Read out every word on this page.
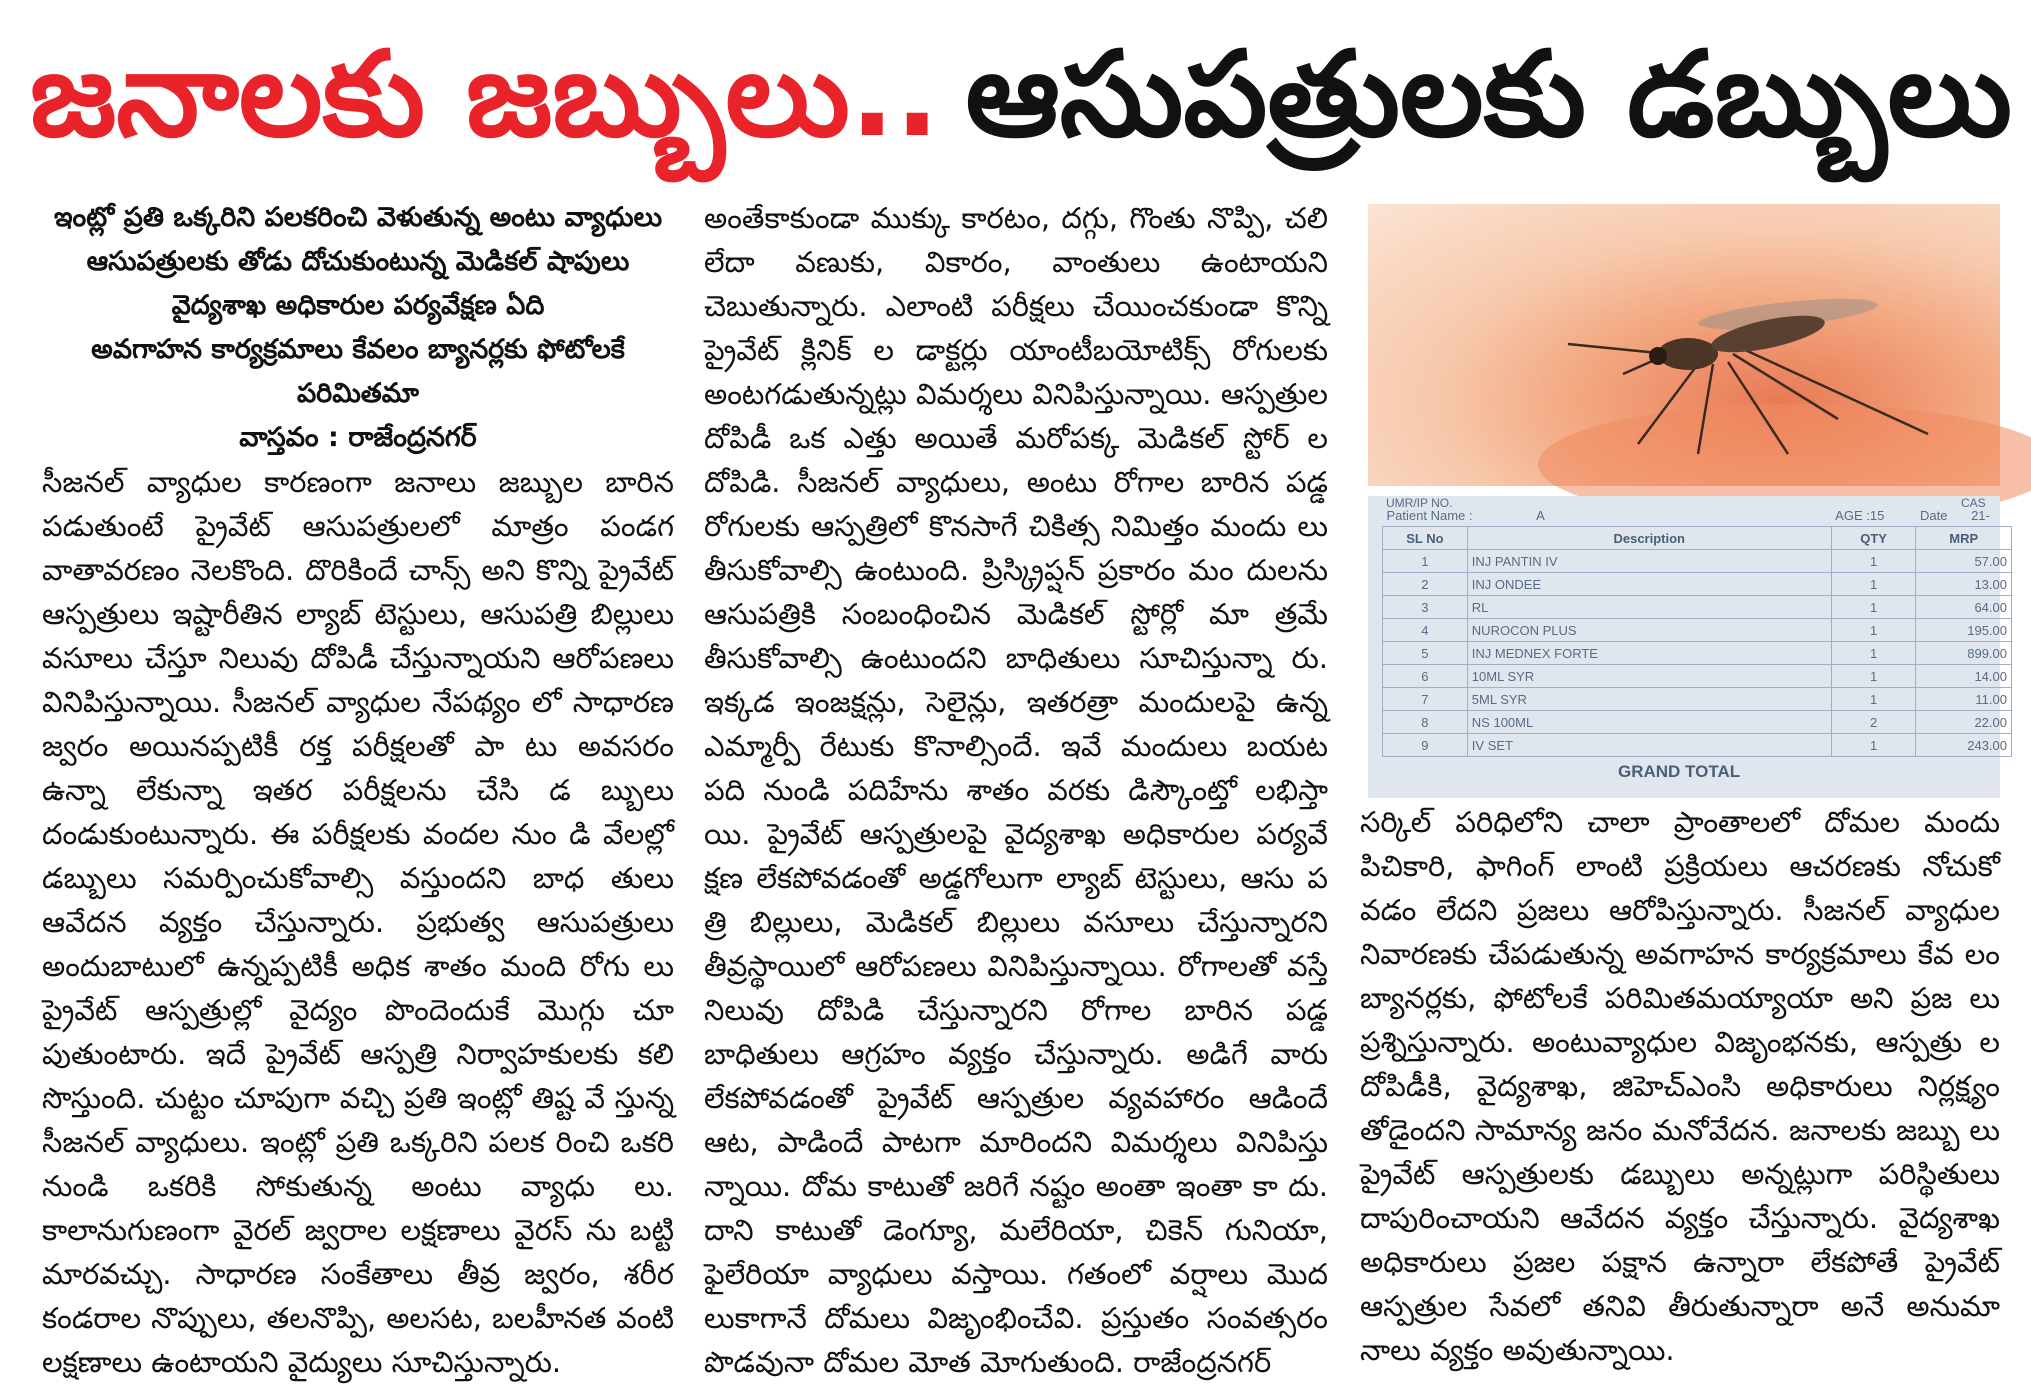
జనాలకు జబ్బులు.. ఆసుపత్రులకు డబ్బులు
ఇంట్లో ప్రతి ఒక్కరిని పలకరించి వెళుతున్న అంటు వ్యాధులు
ఆసుపత్రులకు తోడు దోచుకుంటున్న మెడికల్ షాపులు
వైద్యశాఖ అధికారుల పర్యవేక్షణ ఏది
అవగాహన కార్యక్రమాలు కేవలం బ్యానర్లకు ఫోటోలకే
పరిమితమా
వాస్తవం : రాజేంద్రనగర్

సీజనల్ వ్యాధుల కారణంగా జనాలు జబ్బుల బారిన పడుతుంటే ప్రైవేట్ ఆసుపత్రులలో మాత్రం పండగ వాతావరణం నెలకొంది. దొరికిందే చాన్స్ అని కొన్ని ప్రైవేట్ ఆస్పత్రులు ఇష్టారీతిన ల్యాబ్ టెస్టులు, ఆసుపత్రి బిల్లులు వసూలు చేస్తూ నిలువు దోపిడీ చేస్తున్నాయని ఆరోపణలు వినిపిస్తున్నాయి. సీజనల్ వ్యాధుల నేపథ్యం లో సాధారణ జ్వరం అయినప్పటికీ రక్త పరీక్షలతో పా టు అవసరం ఉన్నా లేకున్నా ఇతర పరీక్షలను చేసి డ బ్బులు దండుకుంటున్నారు. ఈ పరీక్షలకు వందల నుం డి వేలల్లో డబ్బులు సమర్పించుకోవాల్సి వస్తుందని బాధ తులు ఆవేదన వ్యక్తం చేస్తున్నారు. ప్రభుత్వ ఆసుపత్రులు అందుబాటులో ఉన్నప్పటికీ అధిక శాతం మంది రోగు లు ప్రైవేట్ ఆస్పత్రుల్లో వైద్యం పొందెందుకే మొగ్గు చూ పుతుంటారు. ఇదే ప్రైవేట్ ఆస్పత్రి నిర్వాహకులకు కలి సొస్తుంది. చుట్టం చూపుగా వచ్చి ప్రతి ఇంట్లో తిష్ట వే స్తున్న సీజనల్ వ్యాధులు. ఇంట్లో ప్రతి ఒక్కరిని పలక రించి ఒకరి నుండి ఒకరికి సోకుతున్న అంటు వ్యాధు లు. కాలానుగుణంగా వైరల్ జ్వరాల లక్షణాలు వైరస్ ను బట్టి మారవచ్చు. సాధారణ సంకేతాలు తీవ్ర జ్వరం, శరీర కండరాల నొప్పులు, తలనొప్పి, అలసట, బలహీనత వంటి లక్షణాలు ఉంటాయని వైద్యులు సూచిస్తున్నారు.

అంతేకాకుండా ముక్కు కారటం, దగ్గు, గొంతు నొప్పి, చలి లేదా వణుకు, వికారం, వాంతులు ఉంటాయని చెబుతున్నారు. ఎలాంటి పరీక్షలు చేయించకుండా కొన్ని ప్రైవేట్ క్లినిక్ ల డాక్టర్లు యాంటీబయోటిక్స్ రోగులకు అంటగడుతున్నట్లు విమర్శలు వినిపిస్తున్నాయి. ఆస్పత్రుల దోపిడీ ఒక ఎత్తు అయితే మరోపక్క మెడికల్ స్టోర్ ల దోపిడి. సీజనల్ వ్యాధులు, అంటు రోగాల బారిన పడ్డ రోగులకు ఆస్పత్రిలో కొనసాగే చికిత్స నిమిత్తం మందు లు తీసుకోవాల్సి ఉంటుంది. ప్రిస్క్రిప్షన్ ప్రకారం మం దులను ఆసుపత్రికి సంబంధించిన మెడికల్ స్టోర్లో మా త్రమే తీసుకోవాల్సి ఉంటుందని బాధితులు సూచిస్తున్నా రు. ఇక్కడ ఇంజక్షన్లు, సెలైన్లు, ఇతరత్రా మందులపై ఉన్న ఎమ్మార్పీ రేటుకు కొనాల్సిందే. ఇవే మందులు బయట పది నుండి పదిహేను శాతం వరకు డిస్కౌంట్తో లభిస్తా యి. ప్రైవేట్ ఆస్పత్రులపై వైద్యశాఖ అధికారుల పర్యవే క్షణ లేకపోవడంతో అడ్డగోలుగా ల్యాబ్ టెస్టులు, ఆసు ప త్రి బిల్లులు, మెడికల్ బిల్లులు వసూలు చేస్తున్నారని తీవ్రస్థాయిలో ఆరోపణలు వినిపిస్తున్నాయి. రోగాలతో వస్తే నిలువు దోపిడి చేస్తున్నారని రోగాల బారిన పడ్డ బాధితులు ఆగ్రహం వ్యక్తం చేస్తున్నారు. అడిగే వారు లేకపోవడంతో ప్రైవేట్ ఆస్పత్రుల వ్యవహారం ఆడిందే ఆట, పాడిందే పాటగా మారిందని విమర్శలు వినిపిస్తు న్నాయి. దోమ కాటుతో జరిగే నష్టం అంతా ఇంతా కా దు. దాని కాటుతో డెంగ్యూ, మలేరియా, చికెన్ గునియా, ఫైలేరియా వ్యాధులు వస్తాయి. గతంలో వర్షాలు మొద లుకాగానే దోమలు విజృంభించేవి. ప్రస్తుతం సంవత్సరం పొడవునా దోమల మోత మోగుతుంది. రాజేంద్రనగర్

UMR/IP NO.	CAS
Patient Name : A		AGE :15	Date 21-
SL No	Description	QTY	MRP
1	INJ PANTIN IV	1	57.00
2	INJ ONDEE	1	13.00
3	RL	1	64.00
4	NUROCON PLUS	1	195.00
5	INJ MEDNEX FORTE	1	899.00
6	10ML SYR	1	14.00
7	5ML SYR	1	11.00
8	NS 100ML	2	22.00
9	IV SET	1	243.00
GRAND TOTAL

సర్కిల్ పరిధిలోని చాలా ప్రాంతాలలో దోమల మందు పిచికారి, ఫాగింగ్ లాంటి ప్రక్రియలు ఆచరణకు నోచుకో వడం లేదని ప్రజలు ఆరోపిస్తున్నారు. సీజనల్ వ్యాధుల నివారణకు చేపడుతున్న అవగాహన కార్యక్రమాలు కేవ లం బ్యానర్లకు, ఫోటోలకే పరిమితమయ్యాయా అని ప్రజ లు ప్రశ్నిస్తున్నారు. అంటువ్యాధుల విజృంభనకు, ఆస్పత్రు ల దోపిడీకి, వైద్యశాఖ, జిహెచ్ఎంసి అధికారులు నిర్లక్ష్యం తోడైందని సామాన్య జనం మనోవేదన. జనాలకు జబ్బు లు ప్రైవేట్ ఆస్పత్రులకు డబ్బులు అన్నట్లుగా పరిస్థితులు దాపురించాయని ఆవేదన వ్యక్తం చేస్తున్నారు. వైద్యశాఖ అధికారులు ప్రజల పక్షాన ఉన్నారా లేకపోతే ప్రైవేట్ ఆస్పత్రుల సేవలో తనివి తీరుతున్నారా అనే అనుమా నాలు వ్యక్తం అవుతున్నాయి.
